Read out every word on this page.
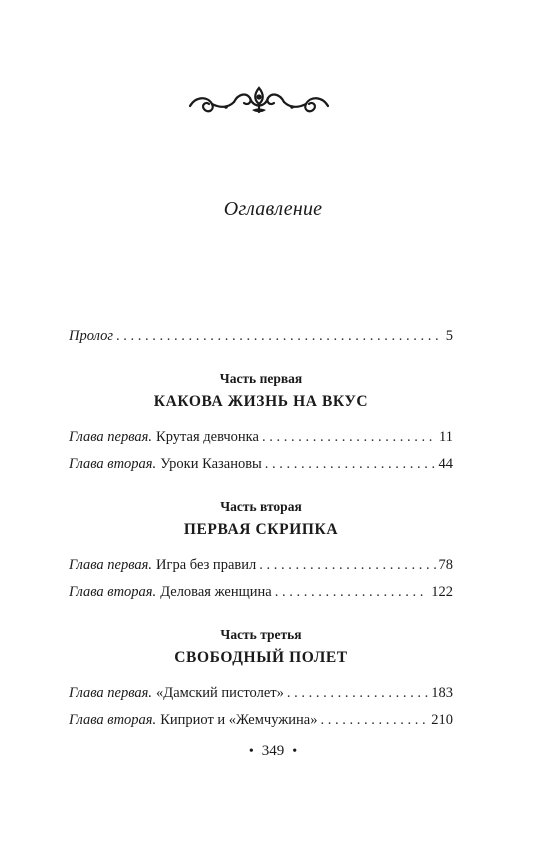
Оглавление
Пролог . . .	5
Часть первая
КАКОВА ЖИЗНЬ НА ВКУС
Глава первая. Крутая девчонка . . .	11
Глава вторая. Уроки Казановы . . .	44
Часть вторая
ПЕРВАЯ СКРИПКА
Глава первая. Игра без правил . . .	78
Глава вторая. Деловая женщина . . .	122
Часть третья
СВОБОДНЫЙ ПОЛЕТ
Глава первая. «Дамский пистолет» . . .	183
Глава вторая. Киприот и «Жемчужина» . . .	210
• 349 •
